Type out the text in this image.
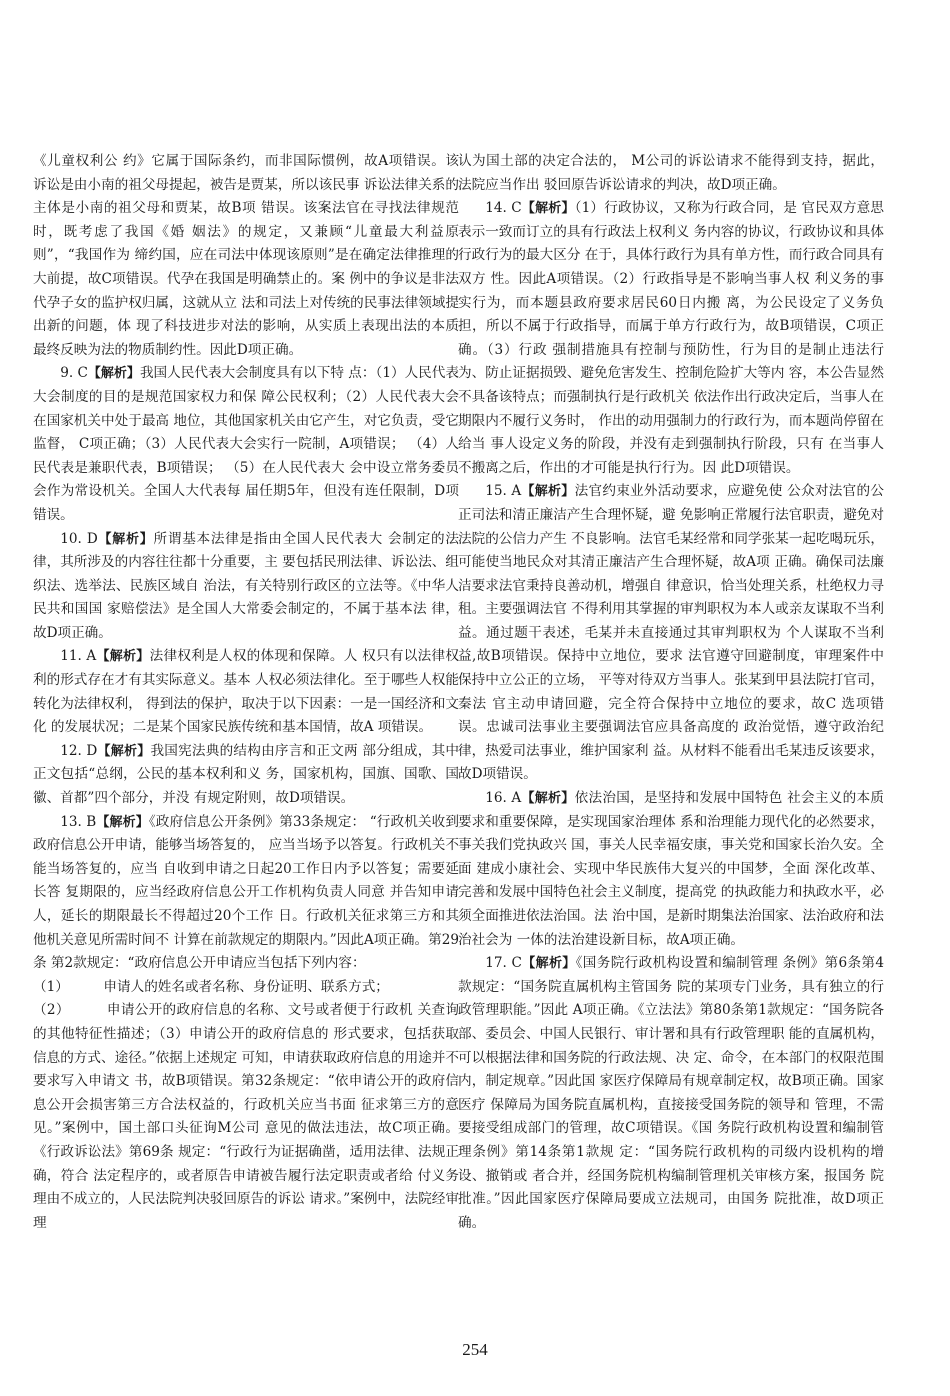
《儿童权利公 约》它属于国际条约，而非国际惯例，故A项错误。该 诉讼是由小南的祖父母提起，被告是贾某，所以该民事 诉讼法律关系的主体是小南的祖父母和贾某，故B项 错误。该案法官在寻找法律规范时，既考虑了我国《婚 姻法》的规定，又兼顾“儿童最大利益原则”，“我国作为 缔约国，应在司法中体现该原则”是在确定法律推理的 大前提，故C项错误。代孕在我国是明确禁止的。案 例中的争议是非法代孕子女的监护权归属，这就从立 法和司法上对传统的民事法律领域提出新的问题，体 现了科技进步对法的影响，从实质上表现出法的本质 最终反映为法的物质制约性。因此D项正确。

9. C【解析】我国人民代表大会制度具有以下特 点：（1）人民代表大会制度的目的是规范国家权力和保 障公民权利；（2）人民代表大会在国家机关中处于最高 地位，其他国家机关由它产生，对它负责，受它监督， C项正确；（3）人民代表大会实行一院制，A项错误； （4）人民代表是兼职代表，B项错误； （5）在人民代表大 会中设立常务委员会作为常设机关。全国人大代表每 届任期5年，但没有连任限制，D项错误。

10. D【解析】所谓基本法律是指由全国人民代表大 会制定的法律，其所涉及的内容往往都十分重要，主 要包括民刑法律、诉讼法、组织法、选举法、民族区域自 治法，有关特别行政区的立法等。《中华人民共和国国 家赔偿法》是全国人大常委会制定的，不属于基本法 律，故D项正确。

11. A【解析】法律权利是人权的体现和保障。人 权只有以法律权利的形式存在才有其实际意义。基本 人权必须法律化。至于哪些人权能转化为法律权利， 得到法的保护，取决于以下因素：一是一国经济和文化 的发展状况；二是某个国家民族传统和基本国情，故A 项错误。

12. D【解析】我国宪法典的结构由序言和正文两 部分组成，其中正文包括“总纲，公民的基本权利和义 务，国家机构，国旗、国歌、国徽、首都”四个部分，并没 有规定附则，故D项错误。

13. B【解析】《政府信息公开条例》第33条规定： “行政机关收到政府信息公开申请，能够当场答复的， 应当当场予以答复。行政机关不能当场答复的，应当 自收到申请之日起20工作日内予以答复；需要延长答 复期限的，应当经政府信息公开工作机构负责人同意 并告知申请人，延长的期限最长不得超过20个工作 日。行政机关征求第三方和其他机关意见所需时间不 计算在前款规定的期限内。”因此A项正确。第29条 第2款规定：“政府信息公开申请应当包括下列内容：

（1）	申请人的姓名或者名称、身份证明、联系方式；

（2）	申请公开的政府信息的名称、文号或者便于行政机 关查询的其他特征性描述；（3）申请公开的政府信息的 形式要求，包括获取信息的方式、途径。”依据上述规定 可知，申请获取政府信息的用途并不要求写入申请文 书，故B项错误。第32条规定：“依申请公开的政府信 息公开会损害第三方合法权益的，行政机关应当书面 征求第三方的意见。”案例中，国土部口头征询M公司 意见的做法违法，故C项正确。《行政诉讼法》第69条 规定：“行政行为证据确凿，适用法律、法规正确，符合 法定程序的，或者原告申请被告履行法定职责或者给 付义务理由不成立的，人民法院判决驳回原告的诉讼 请求。”案例中，法院经审理

认为国土部的决定合法的， M公司的诉讼请求不能得到支持，据此，法院应当作出 驳回原告诉讼请求的判决，故D项正确。

14. C【解析】（1）行政协议，又称为行政合同，是 官民双方意思表示一致而订立的具有行政法上权利义 务内容的协议，行政协议和具体行政行为的最大区分 在于，具体行政行为具有单方性，而行政合同具有双方 性。因此A项错误。（2）行政指导是不影响当事人权 利义务的事实行为，而本题县政府要求居民60日内搬 离，为公民设定了义务负担，所以不属于行政指导，而属于单方行政行为，故B项错误，C项正确。（3）行政 强制措施具有控制与预防性，行为目的是制止违法行 为、防止证据损毁、避免危害发生、控制危险扩大等内 容，本公告显然不具备该特点；而强制执行是行政机关 依法作出行政决定后，当事人在期限内不履行义务时， 作出的动用强制力的行政行为，而本题尚停留在给当 事人设定义务的阶段，并没有走到强制执行阶段，只有 在当事人不搬离之后，作出的才可能是执行行为。因 此D项错误。

15. A【解析】法官约束业外活动要求，应避免使 公众对法官的公正司法和清正廉洁产生合理怀疑，避 免影响正常履行法官职责，避免对法院的公信力产生 不良影响。法官毛某经常和同学张某一起吃喝玩乐， 可能使当地民众对其清正廉洁产生合理怀疑，故A项 正确。确保司法廉洁要求法官秉持良善动机，增强自 律意识，恰当处理关系，杜绝权力寻租。主要强调法官 不得利用其掌握的审判职权为本人或亲友谋取不当利 益。通过题干表述，毛某并未直接通过其审判职权为 个人谋取不当利益,故B项错误。保持中立地位，要求 法官遵守回避制度，审理案件中保持中立公正的立场， 平等对待双方当事人。张某到甲县法院打官司，秦法 官主动申请回避，完全符合保持中立地位的要求，故C 选项错误。忠诚司法事业主要强调法官应具备高度的 政治觉悟，遵守政治纪律，热爱司法事业，维护国家利 益。从材料不能看出毛某违反该要求，故D项错误。

16. A【解析】依法治国，是坚持和发展中国特色 社会主义的本质要求和重要保障，是实现国家治理体 系和治理能力现代化的必然要求，事关我们党执政兴 国，事关人民幸福安康，事关党和国家长治久安。全面 建成小康社会、实现中华民族伟大复兴的中国梦，全面 深化改革、完善和发展中国特色社会主义制度，提高党 的执政能力和执政水平，必须全面推进依法治国。法 治中国，是新时期集法治国家、法治政府和法治社会为 一体的法治建设新目标，故A项正确。

17. C【解析】《国务院行政机构设置和编制管理 条例》第6条第4款规定：“国务院直属机构主管国务 院的某项专门业务，具有独立的行政管理职能。”因此 A项正确。《立法法》第80条第1款规定：“国务院各 部、委员会、中国人民银行、审计署和具有行政管理职 能的直属机构，可以根据法律和国务院的行政法规、决 定、命令，在本部门的权限范围内，制定规章。”因此国 家医疗保障局有规章制定权，故B项正确。国家医疗 保障局为国务院直属机构，直接接受国务院的领导和 管理，不需要接受组成部门的管理，故C项错误。《国 务院行政机构设置和编制管理条例》第14条第1款规 定：“国务院行政机构的司级内设机构的增设、撤销或 者合并，经国务院机构编制管理机关审核方案，报国务 院批准。”因此国家医疗保障局要成立法规司，由国务 院批准，故D项正确。

254
